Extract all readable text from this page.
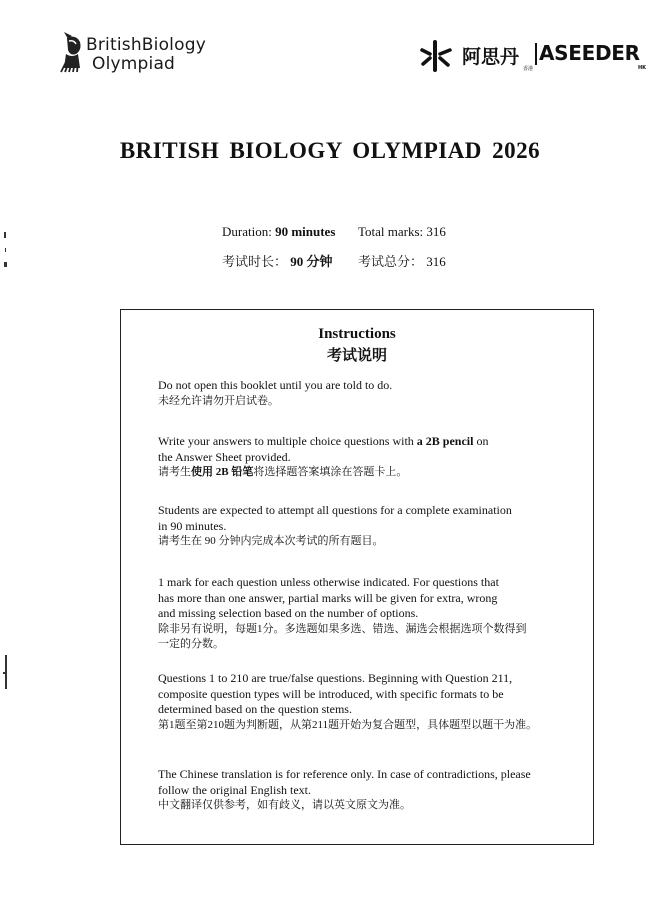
BritishBiology
Olympiad	阿思丹
香港
ASEEDER
HK
BRITISH BIOLOGY OLYMPIAD 2026
Duration: 90 minutes Total marks: 316
考试时长： 90 分钟 考试总分： 316
Instructions
考试说明
Do not open this booklet until you are told to do.
未经允许请勿开启试卷。
Write your answers to multiple choice questions with a 2B pencil on
the Answer Sheet provided.
请考生使用 2B 铅笔将选择题答案填涂在答题卡上。
Students are expected to attempt all questions for a complete examination
in 90 minutes.
请考生在 90 分钟内完成本次考试的所有题目。
1 mark for each question unless otherwise indicated. For questions that
has more than one answer, partial marks will be given for extra, wrong
and missing selection based on the number of options.
除非另有说明，每题1分。多选题如果多选、错选、漏选会根据选项个数得到
一定的分数。
Questions 1 to 210 are true/false questions. Beginning with Question 211,
composite question types will be introduced, with specific formats to be
determined based on the question stems.
第1题至第210题为判断题，从第211题开始为复合题型，具体题型以题干为准。
The Chinese translation is for reference only. In case of contradictions, please
follow the original English text.
中文翻译仅供参考，如有歧义，请以英文原文为准。
